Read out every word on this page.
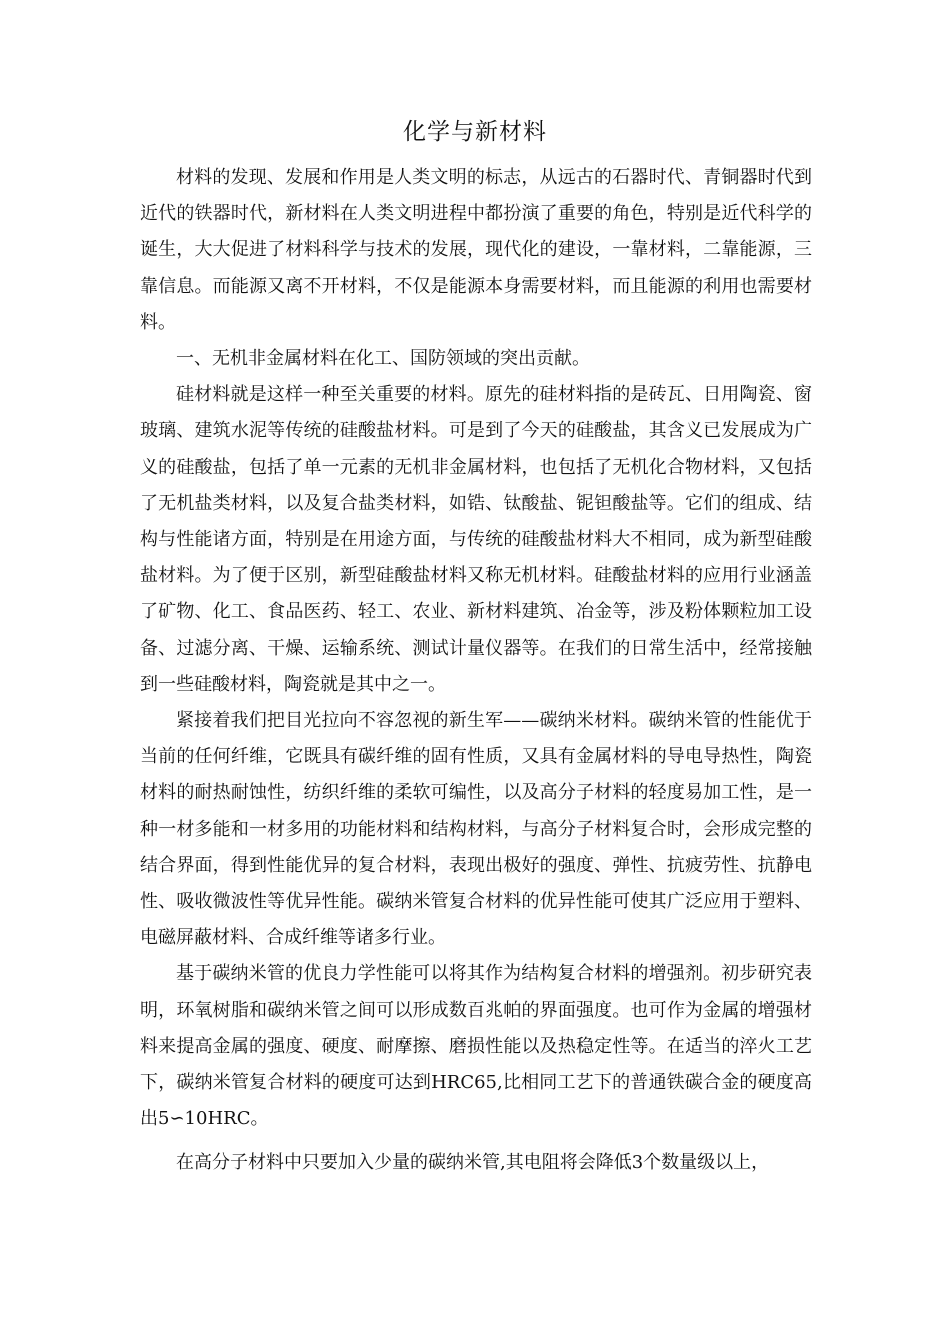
化学与新材料

材料的发现、发展和作用是人类文明的标志，从远古的石器时代、青铜器时代到近代的铁器时代，新材料在人类文明进程中都扮演了重要的角色，特别是近代科学的诞生，大大促进了材料科学与技术的发展，现代化的建设，一靠材料，二靠能源，三靠信息。而能源又离不开材料，不仅是能源本身需要材料，而且能源的利用也需要材料。

一、无机非金属材料在化工、国防领域的突出贡献。

硅材料就是这样一种至关重要的材料。原先的硅材料指的是砖瓦、日用陶瓷、窗玻璃、建筑水泥等传统的硅酸盐材料。可是到了今天的硅酸盐，其含义已发展成为广义的硅酸盐，包括了单一元素的无机非金属材料，也包括了无机化合物材料，又包括了无机盐类材料，以及复合盐类材料，如锆、钛酸盐、铌钽酸盐等。它们的组成、结构与性能诸方面，特别是在用途方面，与传统的硅酸盐材料大不相同，成为新型硅酸盐材料。为了便于区别，新型硅酸盐材料又称无机材料。硅酸盐材料的应用行业涵盖了矿物、化工、食品医药、轻工、农业、新材料建筑、冶金等，涉及粉体颗粒加工设备、过滤分离、干燥、运输系统、测试计量仪器等。在我们的日常生活中，经常接触到一些硅酸材料，陶瓷就是其中之一。

紧接着我们把目光拉向不容忽视的新生军——碳纳米材料。碳纳米管的性能优于当前的任何纤维，它既具有碳纤维的固有性质，又具有金属材料的导电导热性，陶瓷材料的耐热耐蚀性，纺织纤维的柔软可编性，以及高分子材料的轻度易加工性，是一种一材多能和一材多用的功能材料和结构材料，与高分子材料复合时，会形成完整的结合界面，得到性能优异的复合材料，表现出极好的强度、弹性、抗疲劳性、抗静电性、吸收微波性等优异性能。碳纳米管复合材料的优异性能可使其广泛应用于塑料、电磁屏蔽材料、合成纤维等诸多行业。

基于碳纳米管的优良力学性能可以将其作为结构复合材料的增强剂。初步研究表明，环氧树脂和碳纳米管之间可以形成数百兆帕的界面强度。也可作为金属的增强材料来提高金属的强度、硬度、耐摩擦、磨损性能以及热稳定性等。在适当的淬火工艺下，碳纳米管复合材料的硬度可达到HRC65,比相同工艺下的普通铁碳合金的硬度高出5∽10HRC。

在高分子材料中只要加入少量的碳纳米管,其电阻将会降低3个数量级以上，
